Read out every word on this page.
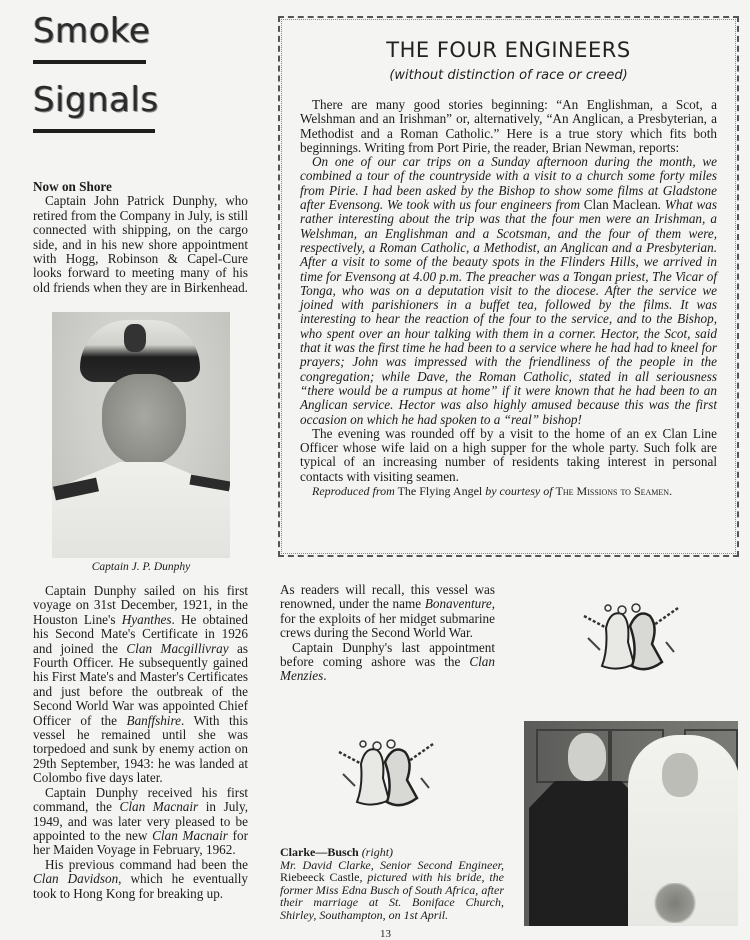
Smoke
Signals
Now on Shore

Captain John Patrick Dunphy, who retired from the Company in July, is still connected with shipping, on the cargo side, and in his new shore appointment with Hogg, Robinson & Capel-Cure looks forward to meeting many of his old friends when they are in Birkenhead.

Captain J. P. Dunphy

Captain Dunphy sailed on his first voyage on 31st December, 1921, in the Houston Line's Hyanthes. He obtained his Second Mate's Certificate in 1926 and joined the Clan Macgillivray as Fourth Officer. He subsequently gained his First Mate's and Master's Certificates and just before the outbreak of the Second World War was appointed Chief Officer of the Banffshire. With this vessel he remained until she was torpedoed and sunk by enemy action on 29th September, 1943: he was landed at Colombo five days later.

Captain Dunphy received his first command, the Clan Macnair in July, 1949, and was later very pleased to be appointed to the new Clan Macnair for her Maiden Voyage in February, 1962.

His previous command had been the Clan Davidson, which he eventually took to Hong Kong for breaking up.

THE FOUR ENGINEERS
(without distinction of race or creed)

There are many good stories beginning: “An Englishman, a Scot, a Welshman and an Irishman” or, alternatively, “An Anglican, a Presbyterian, a Methodist and a Roman Catholic.” Here is a true story which fits both beginnings. Writing from Port Pirie, the reader, Brian Newman, reports:

On one of our car trips on a Sunday afternoon during the month, we combined a tour of the countryside with a visit to a church some forty miles from Pirie. I had been asked by the Bishop to show some films at Gladstone after Evensong. We took with us four engineers from Clan Maclean. What was rather interesting about the trip was that the four men were an Irishman, a Welshman, an Englishman and a Scotsman, and the four of them were, respectively, a Roman Catholic, a Methodist, an Anglican and a Presbyterian. After a visit to some of the beauty spots in the Flinders Hills, we arrived in time for Evensong at 4.00 p.m. The preacher was a Tongan priest, The Vicar of Tonga, who was on a deputation visit to the diocese. After the service we joined with parishioners in a buffet tea, followed by the films. It was interesting to hear the reaction of the four to the service, and to the Bishop, who spent over an hour talking with them in a corner. Hector, the Scot, said that it was the first time he had been to a service where he had had to kneel for prayers; John was impressed with the friendliness of the people in the congregation; while Dave, the Roman Catholic, stated in all seriousness “there would be a rumpus at home” if it were known that he had been to an Anglican service. Hector was also highly amused because this was the first occasion on which he had spoken to a “real” bishop!

The evening was rounded off by a visit to the home of an ex Clan Line Officer whose wife laid on a high supper for the whole party. Such folk are typical of an increasing number of residents taking interest in personal contacts with visiting seamen.

Reproduced from The Flying Angel by courtesy of The Missions to Seamen.

As readers will recall, this vessel was renowned, under the name Bonaventure, for the exploits of her midget submarine crews during the Second World War.

Captain Dunphy's last appointment before coming ashore was the Clan Menzies.

Clarke—Busch (right)
Mr. David Clarke, Senior Second Engineer, Riebeeck Castle, pictured with his bride, the former Miss Edna Busch of South Africa, after their marriage at St. Boniface Church, Shirley, Southampton, on 1st April.
13
